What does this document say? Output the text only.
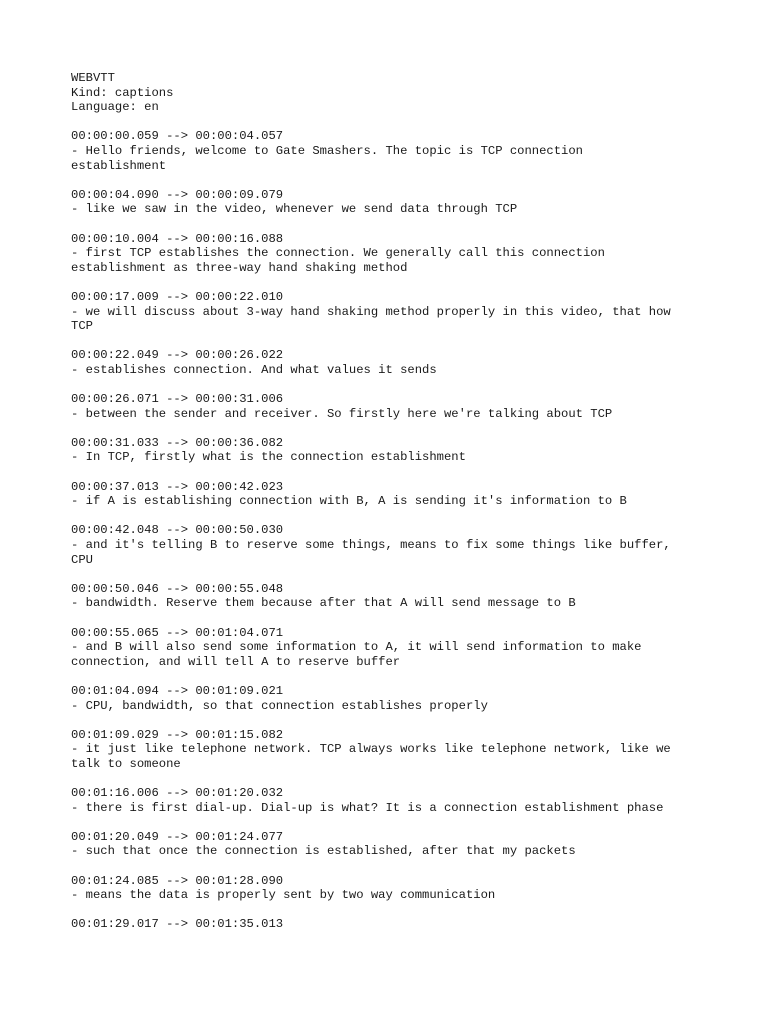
WEBVTT
Kind: captions
Language: en
00:00:00.059 --> 00:00:04.057
- Hello friends, welcome to Gate Smashers. The topic is TCP connection
establishment
00:00:04.090 --> 00:00:09.079
- like we saw in the video, whenever we send data through TCP
00:00:10.004 --> 00:00:16.088
- first TCP establishes the connection. We generally call this connection
establishment as three-way hand shaking method
00:00:17.009 --> 00:00:22.010
- we will discuss about 3-way hand shaking method properly in this video, that how
TCP
00:00:22.049 --> 00:00:26.022
- establishes connection. And what values it sends
00:00:26.071 --> 00:00:31.006
- between the sender and receiver. So firstly here we're talking about TCP
00:00:31.033 --> 00:00:36.082
- In TCP, firstly what is the connection establishment
00:00:37.013 --> 00:00:42.023
- if A is establishing connection with B, A is sending it's information to B
00:00:42.048 --> 00:00:50.030
- and it's telling B to reserve some things, means to fix some things like buffer,
CPU
00:00:50.046 --> 00:00:55.048
- bandwidth. Reserve them because after that A will send message to B
00:00:55.065 --> 00:01:04.071
- and B will also send some information to A, it will send information to make
connection, and will tell A to reserve buffer
00:01:04.094 --> 00:01:09.021
- CPU, bandwidth, so that connection establishes properly
00:01:09.029 --> 00:01:15.082
- it just like telephone network. TCP always works like telephone network, like we
talk to someone
00:01:16.006 --> 00:01:20.032
- there is first dial-up. Dial-up is what? It is a connection establishment phase
00:01:20.049 --> 00:01:24.077
- such that once the connection is established, after that my packets
00:01:24.085 --> 00:01:28.090
- means the data is properly sent by two way communication
00:01:29.017 --> 00:01:35.013
